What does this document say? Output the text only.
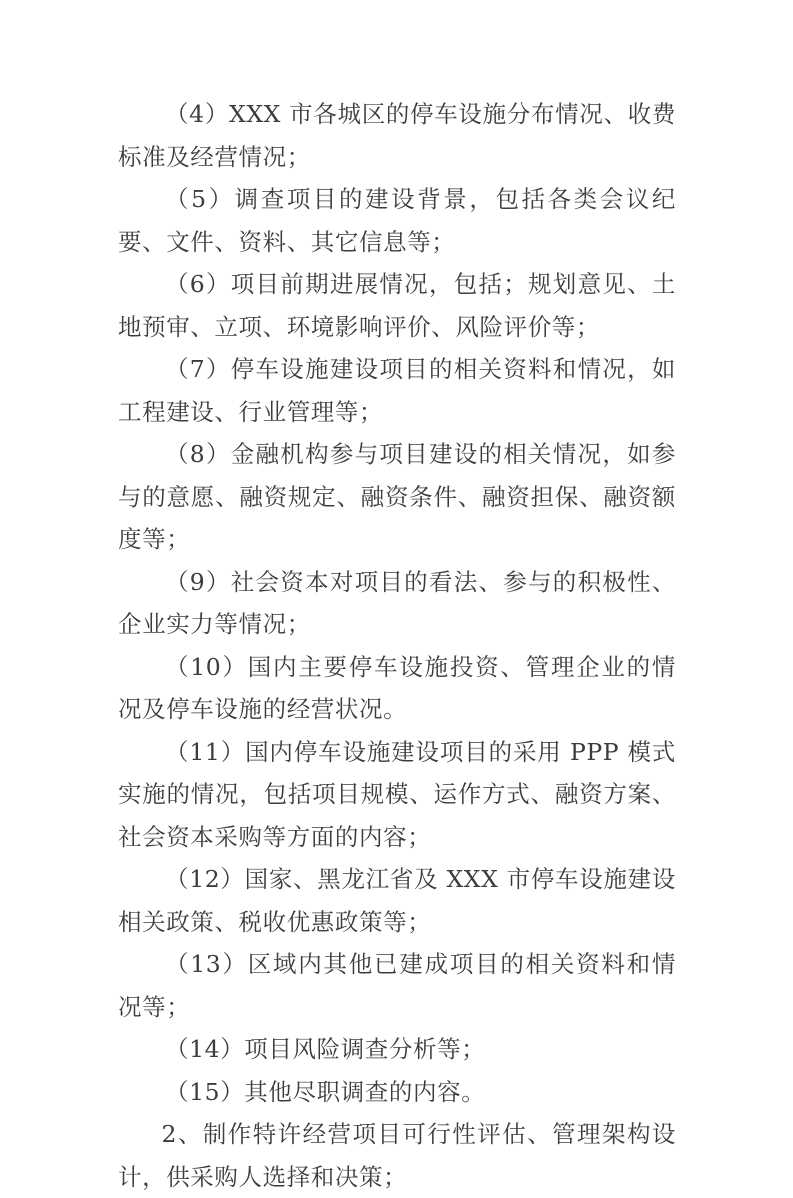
（4）XXX 市各城区的停车设施分布情况、收费标准及经营情况；

（5）调查项目的建设背景，包括各类会议纪要、文件、资料、其它信息等；

（6）项目前期进展情况，包括；规划意见、土地预审、立项、环境影响评价、风险评价等；

（7）停车设施建设项目的相关资料和情况，如工程建设、行业管理等；

（8）金融机构参与项目建设的相关情况，如参与的意愿、融资规定、融资条件、融资担保、融资额度等；

（9）社会资本对项目的看法、参与的积极性、企业实力等情况；

（10）国内主要停车设施投资、管理企业的情况及停车设施的经营状况。

（11）国内停车设施建设项目的采用 PPP 模式实施的情况，包括项目规模、运作方式、融资方案、社会资本采购等方面的内容；

（12）国家、黑龙江省及 XXX 市停车设施建设相关政策、税收优惠政策等；

（13）区域内其他已建成项目的相关资料和情况等；

（14）项目风险调查分析等；

（15）其他尽职调查的内容。

2、制作特许经营项目可行性评估、管理架构设计，供采购人选择和决策；
